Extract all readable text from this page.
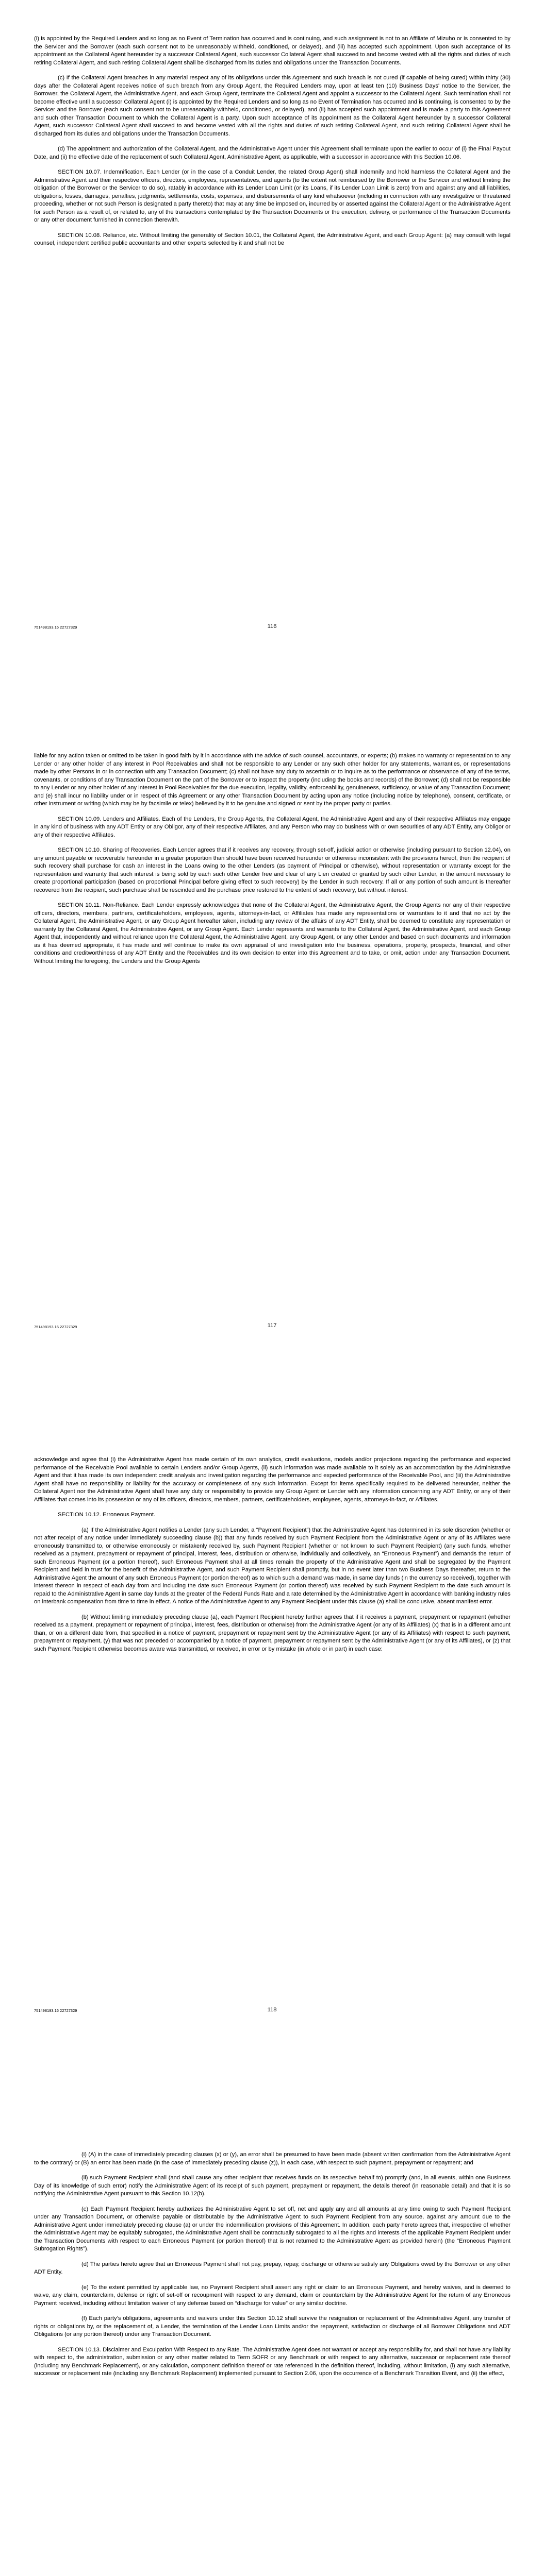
(i) is appointed by the Required Lenders and so long as no Event of Termination has occurred and is continuing, and such assignment is not to an Affiliate of Mizuho or is consented to by the Servicer and the Borrower (each such consent not to be unreasonably withheld, conditioned, or delayed), and (iii) has accepted such appointment. Upon such acceptance of its appointment as the Collateral Agent hereunder by a successor Collateral Agent, such successor Collateral Agent shall succeed to and become vested with all the rights and duties of such retiring Collateral Agent, and such retiring Collateral Agent shall be discharged from its duties and obligations under the Transaction Documents.

(c) If the Collateral Agent breaches in any material respect any of its obligations under this Agreement and such breach is not cured (if capable of being cured) within thirty (30) days after the Collateral Agent receives notice of such breach from any Group Agent, the Required Lenders may, upon at least ten (10) Business Days' notice to the Servicer, the Borrower, the Collateral Agent, the Administrative Agent, and each Group Agent, terminate the Collateral Agent and appoint a successor to the Collateral Agent. Such termination shall not become effective until a successor Collateral Agent (i) is appointed by the Required Lenders and so long as no Event of Termination has occurred and is continuing, is consented to by the Servicer and the Borrower (each such consent not to be unreasonably withheld, conditioned, or delayed), and (ii) has accepted such appointment and is made a party to this Agreement and such other Transaction Document to which the Collateral Agent is a party. Upon such acceptance of its appointment as the Collateral Agent hereunder by a successor Collateral Agent, such successor Collateral Agent shall succeed to and become vested with all the rights and duties of such retiring Collateral Agent, and such retiring Collateral Agent shall be discharged from its duties and obligations under the Transaction Documents.

(d) The appointment and authorization of the Collateral Agent, and the Administrative Agent under this Agreement shall terminate upon the earlier to occur of (i) the Final Payout Date, and (ii) the effective date of the replacement of such Collateral Agent, Administrative Agent, as applicable, with a successor in accordance with this Section 10.06.

SECTION 10.07. Indemnification. Each Lender (or in the case of a Conduit Lender, the related Group Agent) shall indemnify and hold harmless the Collateral Agent and the Administrative Agent and their respective officers, directors, employees, representatives, and agents (to the extent not reimbursed by the Borrower or the Servicer and without limiting the obligation of the Borrower or the Servicer to do so), ratably in accordance with its Lender Loan Limit (or its Loans, if its Lender Loan Limit is zero) from and against any and all liabilities, obligations, losses, damages, penalties, judgments, settlements, costs, expenses, and disbursements of any kind whatsoever (including in connection with any investigative or threatened proceeding, whether or not such Person is designated a party thereto) that may at any time be imposed on, incurred by or asserted against the Collateral Agent or the Administrative Agent for such Person as a result of, or related to, any of the transactions contemplated by the Transaction Documents or the execution, delivery, or performance of the Transaction Documents or any other document furnished in connection therewith.

SECTION 10.08. Reliance, etc. Without limiting the generality of Section 10.01, the Collateral Agent, the Administrative Agent, and each Group Agent: (a) may consult with legal counsel, independent certified public accountants and other experts selected by it and shall not be

751498193.16 22727329	116

liable for any action taken or omitted to be taken in good faith by it in accordance with the advice of such counsel, accountants, or experts; (b) makes no warranty or representation to any Lender or any other holder of any interest in Pool Receivables and shall not be responsible to any Lender or any such other holder for any statements, warranties, or representations made by other Persons in or in connection with any Transaction Document; (c) shall not have any duty to ascertain or to inquire as to the performance or observance of any of the terms, covenants, or conditions of any Transaction Document on the part of the Borrower or to inspect the property (including the books and records) of the Borrower; (d) shall not be responsible to any Lender or any other holder of any interest in Pool Receivables for the due execution, legality, validity, enforceability, genuineness, sufficiency, or value of any Transaction Document; and (e) shall incur no liability under or in respect of this Agreement or any other Transaction Document by acting upon any notice (including notice by telephone), consent, certificate, or other instrument or writing (which may be by facsimile or telex) believed by it to be genuine and signed or sent by the proper party or parties.

SECTION 10.09. Lenders and Affiliates. Each of the Lenders, the Group Agents, the Collateral Agent, the Administrative Agent and any of their respective Affiliates may engage in any kind of business with any ADT Entity or any Obligor, any of their respective Affiliates, and any Person who may do business with or own securities of any ADT Entity, any Obligor or any of their respective Affiliates.

SECTION 10.10. Sharing of Recoveries. Each Lender agrees that if it receives any recovery, through set-off, judicial action or otherwise (including pursuant to Section 12.04), on any amount payable or recoverable hereunder in a greater proportion than should have been received hereunder or otherwise inconsistent with the provisions hereof, then the recipient of such recovery shall purchase for cash an interest in the Loans owing to the other Lenders (as payment of Principal or otherwise), without representation or warranty except for the representation and warranty that such interest is being sold by each such other Lender free and clear of any Lien created or granted by such other Lender, in the amount necessary to create proportional participation (based on proportional Principal before giving effect to such recovery) by the Lender in such recovery. If all or any portion of such amount is thereafter recovered from the recipient, such purchase shall be rescinded and the purchase price restored to the extent of such recovery, but without interest.

SECTION 10.11. Non-Reliance. Each Lender expressly acknowledges that none of the Collateral Agent, the Administrative Agent, the Group Agents nor any of their respective officers, directors, members, partners, certificateholders, employees, agents, attorneys-in-fact, or Affiliates has made any representations or warranties to it and that no act by the Collateral Agent, the Administrative Agent, or any Group Agent hereafter taken, including any review of the affairs of any ADT Entity, shall be deemed to constitute any representation or warranty by the Collateral Agent, the Administrative Agent, or any Group Agent. Each Lender represents and warrants to the Collateral Agent, the Administrative Agent, and each Group Agent that, independently and without reliance upon the Collateral Agent, the Administrative Agent, any Group Agent, or any other Lender and based on such documents and information as it has deemed appropriate, it has made and will continue to make its own appraisal of and investigation into the business, operations, property, prospects, financial, and other conditions and creditworthiness of any ADT Entity and the Receivables and its own decision to enter into this Agreement and to take, or omit, action under any Transaction Document. Without limiting the foregoing, the Lenders and the Group Agents

751498193.16 22727329	117

acknowledge and agree that (i) the Administrative Agent has made certain of its own analytics, credit evaluations, models and/or projections regarding the performance and expected performance of the Receivable Pool available to certain Lenders and/or Group Agents, (ii) such information was made available to it solely as an accommodation by the Administrative Agent and that it has made its own independent credit analysis and investigation regarding the performance and expected performance of the Receivable Pool, and (iii) the Administrative Agent shall have no responsibility or liability for the accuracy or completeness of any such information. Except for items specifically required to be delivered hereunder, neither the Collateral Agent nor the Administrative Agent shall have any duty or responsibility to provide any Group Agent or Lender with any information concerning any ADT Entity, or any of their Affiliates that comes into its possession or any of its officers, directors, members, partners, certificateholders, employees, agents, attorneys-in-fact, or Affiliates.

SECTION 10.12. Erroneous Payment.

(a) If the Administrative Agent notifies a Lender (any such Lender, a “Payment Recipient”) that the Administrative Agent has determined in its sole discretion (whether or not after receipt of any notice under immediately succeeding clause (b)) that any funds received by such Payment Recipient from the Administrative Agent or any of its Affiliates were erroneously transmitted to, or otherwise erroneously or mistakenly received by, such Payment Recipient (whether or not known to such Payment Recipient) (any such funds, whether received as a payment, prepayment or repayment of principal, interest, fees, distribution or otherwise, individually and collectively, an “Erroneous Payment”) and demands the return of such Erroneous Payment (or a portion thereof), such Erroneous Payment shall at all times remain the property of the Administrative Agent and shall be segregated by the Payment Recipient and held in trust for the benefit of the Administrative Agent, and such Payment Recipient shall promptly, but in no event later than two Business Days thereafter, return to the Administrative Agent the amount of any such Erroneous Payment (or portion thereof) as to which such a demand was made, in same day funds (in the currency so received), together with interest thereon in respect of each day from and including the date such Erroneous Payment (or portion thereof) was received by such Payment Recipient to the date such amount is repaid to the Administrative Agent in same day funds at the greater of the Federal Funds Rate and a rate determined by the Administrative Agent in accordance with banking industry rules on interbank compensation from time to time in effect. A notice of the Administrative Agent to any Payment Recipient under this clause (a) shall be conclusive, absent manifest error.

(b) Without limiting immediately preceding clause (a), each Payment Recipient hereby further agrees that if it receives a payment, prepayment or repayment (whether received as a payment, prepayment or repayment of principal, interest, fees, distribution or otherwise) from the Administrative Agent (or any of its Affiliates) (x) that is in a different amount than, or on a different date from, that specified in a notice of payment, prepayment or repayment sent by the Administrative Agent (or any of its Affiliates) with respect to such payment, prepayment or repayment, (y) that was not preceded or accompanied by a notice of payment, prepayment or repayment sent by the Administrative Agent (or any of its Affiliates), or (z) that such Payment Recipient otherwise becomes aware was transmitted, or received, in error or by mistake (in whole or in part) in each case:

751498193.16 22727329	118

(i) (A) in the case of immediately preceding clauses (x) or (y), an error shall be presumed to have been made (absent written confirmation from the Administrative Agent to the contrary) or (B) an error has been made (in the case of immediately preceding clause (z)), in each case, with respect to such payment, prepayment or repayment; and

(ii) such Payment Recipient shall (and shall cause any other recipient that receives funds on its respective behalf to) promptly (and, in all events, within one Business Day of its knowledge of such error) notify the Administrative Agent of its receipt of such payment, prepayment or repayment, the details thereof (in reasonable detail) and that it is so notifying the Administrative Agent pursuant to this Section 10.12(b).

(c) Each Payment Recipient hereby authorizes the Administrative Agent to set off, net and apply any and all amounts at any time owing to such Payment Recipient under any Transaction Document, or otherwise payable or distributable by the Administrative Agent to such Payment Recipient from any source, against any amount due to the Administrative Agent under immediately preceding clause (a) or under the indemnification provisions of this Agreement. In addition, each party hereto agrees that, irrespective of whether the Administrative Agent may be equitably subrogated, the Administrative Agent shall be contractually subrogated to all the rights and interests of the applicable Payment Recipient under the Transaction Documents with respect to each Erroneous Payment (or portion thereof) that is not returned to the Administrative Agent as provided herein) (the “Erroneous Payment Subrogation Rights”).

(d) The parties hereto agree that an Erroneous Payment shall not pay, prepay, repay, discharge or otherwise satisfy any Obligations owed by the Borrower or any other ADT Entity.

(e) To the extent permitted by applicable law, no Payment Recipient shall assert any right or claim to an Erroneous Payment, and hereby waives, and is deemed to waive, any claim, counterclaim, defense or right of set-off or recoupment with respect to any demand, claim or counterclaim by the Administrative Agent for the return of any Erroneous Payment received, including without limitation waiver of any defense based on “discharge for value” or any similar doctrine.

(f) Each party’s obligations, agreements and waivers under this Section 10.12 shall survive the resignation or replacement of the Administrative Agent, any transfer of rights or obligations by, or the replacement of, a Lender, the termination of the Lender Loan Limits and/or the repayment, satisfaction or discharge of all Borrower Obligations and ADT Obligations (or any portion thereof) under any Transaction Document.

SECTION 10.13. Disclaimer and Exculpation With Respect to any Rate. The Administrative Agent does not warrant or accept any responsibility for, and shall not have any liability with respect to, the administration, submission or any other matter related to Term SOFR or any Benchmark or with respect to any alternative, successor or replacement rate thereof (including any Benchmark Replacement), or any calculation, component definition thereof or rate referenced in the definition thereof, including, without limitation, (i) any such alternative, successor or replacement rate (including any Benchmark Replacement) implemented pursuant to Section 2.06, upon the occurrence of a Benchmark Transition Event, and (ii) the effect,
